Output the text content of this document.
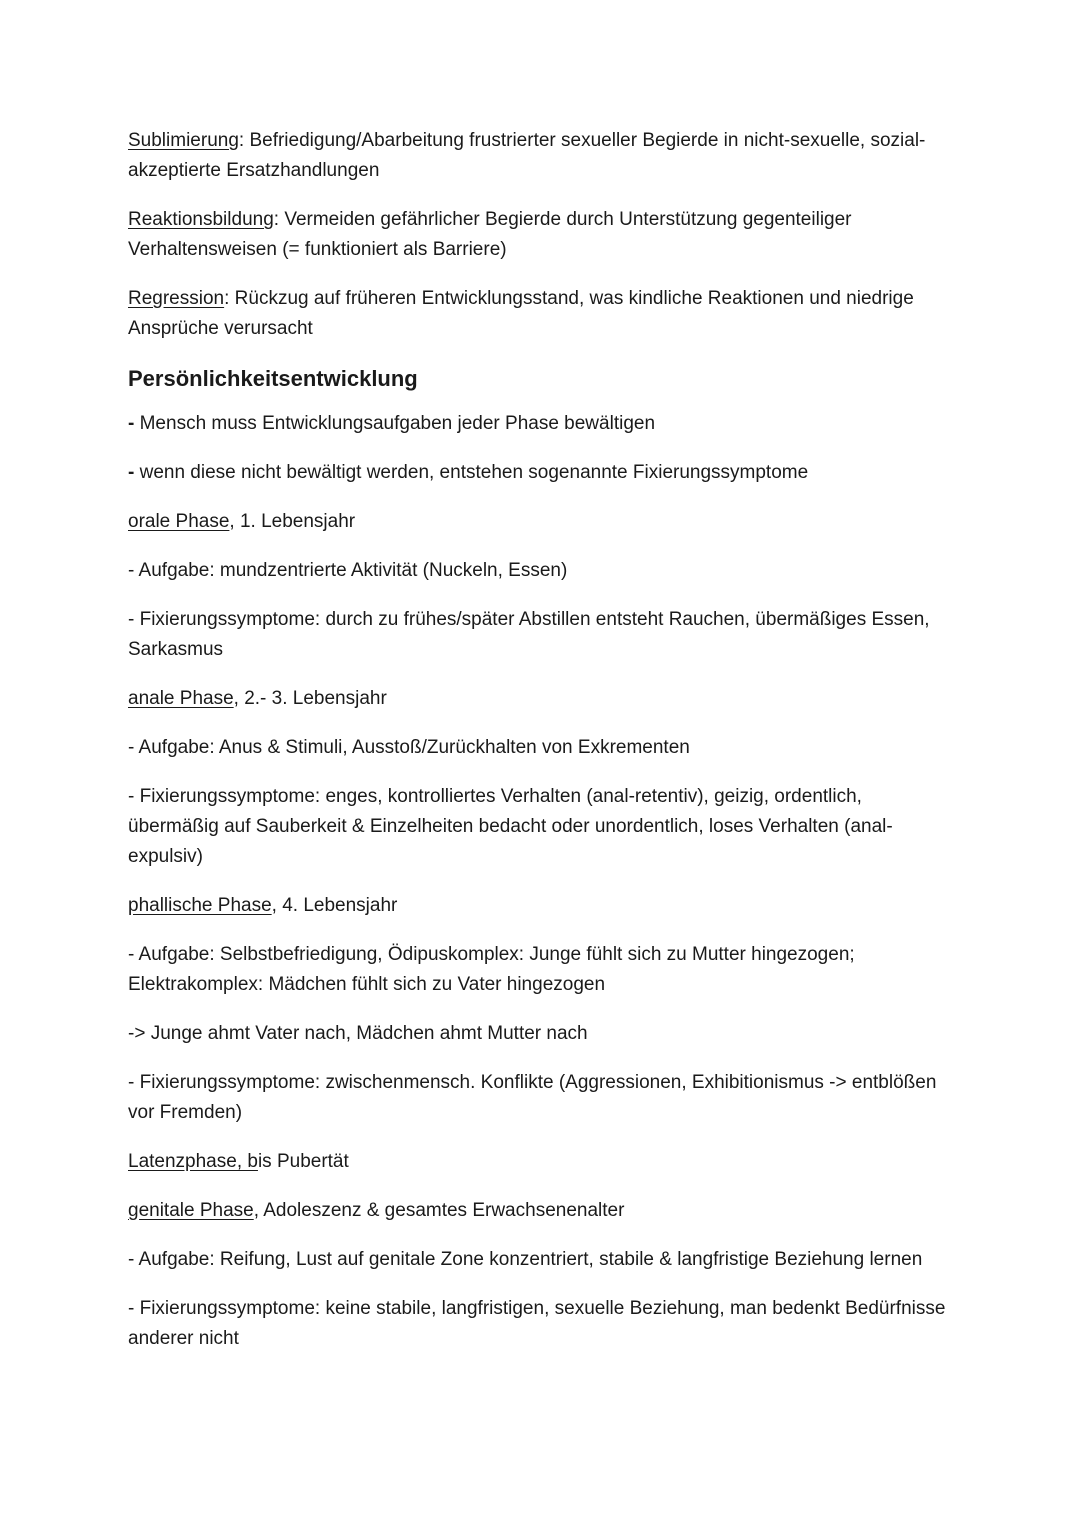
Sublimierung: Befriedigung/Abarbeitung frustrierter sexueller Begierde in nicht-sexuelle, sozial-akzeptierte Ersatzhandlungen

Reaktionsbildung: Vermeiden gefährlicher Begierde durch Unterstützung gegenteiliger Verhaltensweisen (= funktioniert als Barriere)

Regression: Rückzug auf früheren Entwicklungsstand, was kindliche Reaktionen und niedrige Ansprüche verursacht

Persönlichkeitsentwicklung

- Mensch muss Entwicklungsaufgaben jeder Phase bewältigen

- wenn diese nicht bewältigt werden, entstehen sogenannte Fixierungssymptome

orale Phase, 1. Lebensjahr

- Aufgabe: mundzentrierte Aktivität (Nuckeln, Essen)

- Fixierungssymptome: durch zu frühes/später Abstillen entsteht Rauchen, übermäßiges Essen, Sarkasmus

anale Phase, 2.- 3. Lebensjahr

- Aufgabe: Anus & Stimuli, Ausstoß/Zurückhalten von Exkrementen

- Fixierungssymptome: enges, kontrolliertes Verhalten (anal-retentiv), geizig, ordentlich, übermäßig auf Sauberkeit & Einzelheiten bedacht oder unordentlich, loses Verhalten (anal-expulsiv)

phallische Phase, 4. Lebensjahr

- Aufgabe: Selbstbefriedigung, Ödipuskomplex: Junge fühlt sich zu Mutter hingezogen; Elektrakomplex: Mädchen fühlt sich zu Vater hingezogen

-> Junge ahmt Vater nach, Mädchen ahmt Mutter nach

- Fixierungssymptome: zwischenmensch. Konflikte (Aggressionen, Exhibitionismus -> entblößen vor Fremden)

Latenzphase, bis Pubertät

genitale Phase, Adoleszenz & gesamtes Erwachsenenalter

- Aufgabe: Reifung, Lust auf genitale Zone konzentriert, stabile & langfristige Beziehung lernen

- Fixierungssymptome: keine stabile, langfristigen, sexuelle Beziehung, man bedenkt Bedürfnisse anderer nicht
